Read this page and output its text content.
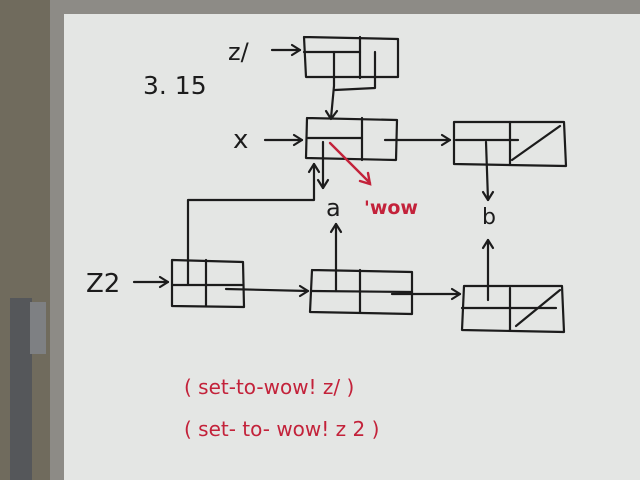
3. 15
z/
x
Z2
a	b
'wow
( set-to-wow! z/ )
( set- to- wow! z 2 )
